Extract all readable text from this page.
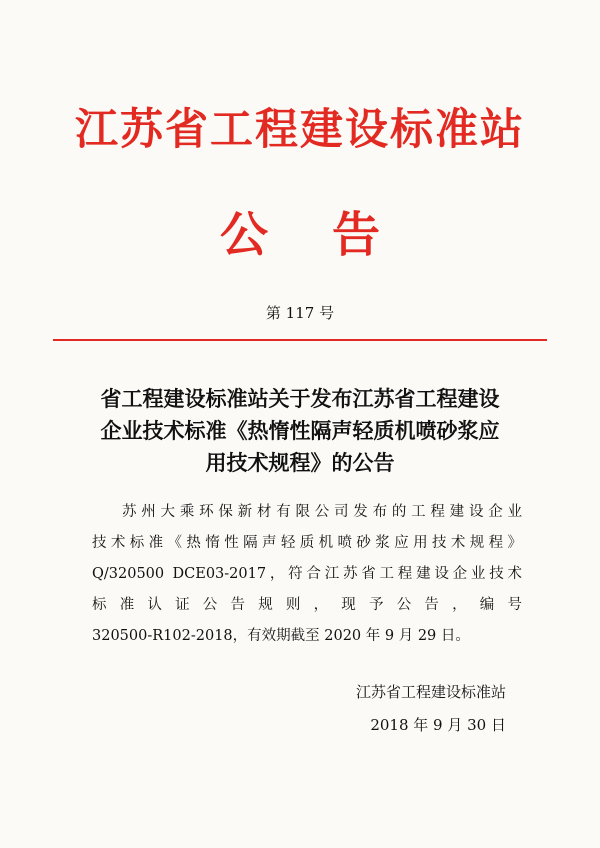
江苏省工程建设标准站
公告
第 117 号
省工程建设标准站关于发布江苏省工程建设
企业技术标准《热惰性隔声轻质机喷砂浆应
用技术规程》的公告
苏州大乘环保新材有限公司发布的工程建设企业
技术标准《热惰性隔声轻质机喷砂浆应用技术规程》
Q/320500 DCE03-2017，符合江苏省工程建设企业技术
标准认证公告规则，现予公告，编号
320500-R102-2018，有效期截至 2020 年 9 月 29 日。
江苏省工程建设标准站
2018 年 9 月 30 日
